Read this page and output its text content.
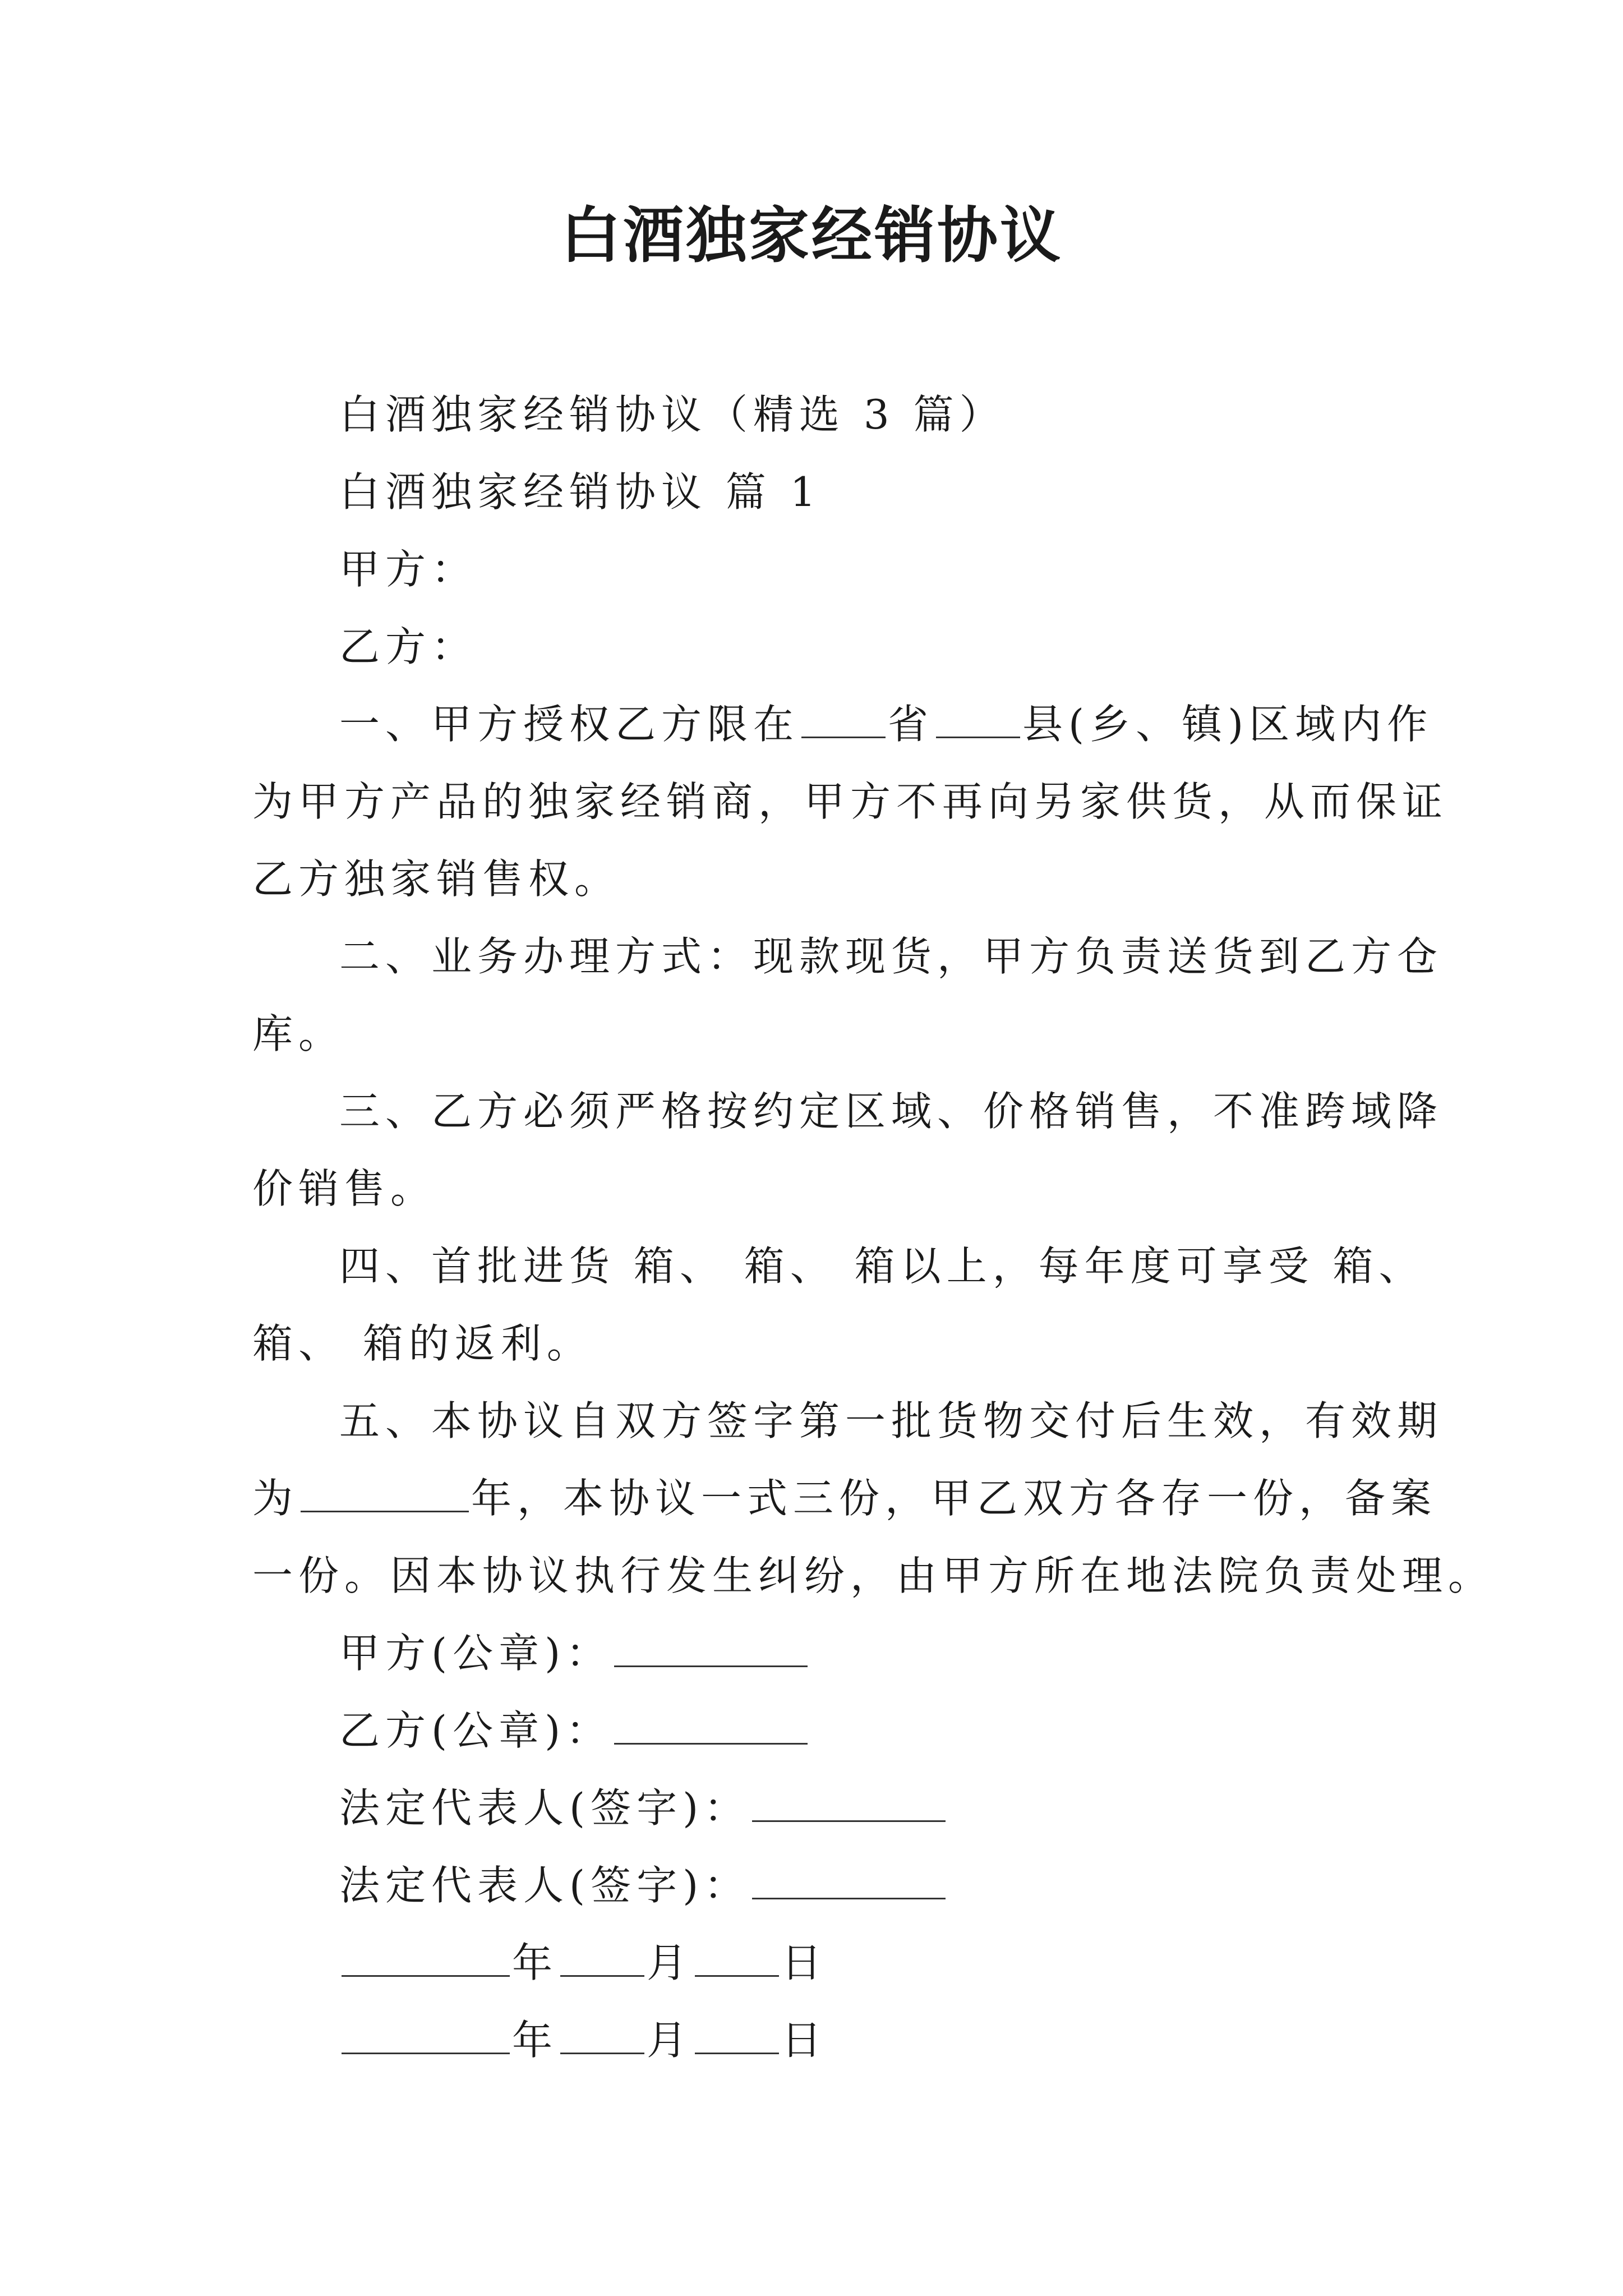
白酒独家经销协议
白酒独家经销协议（精选 3 篇）
白酒独家经销协议 篇 1
甲方：
乙方：
一、甲方授权乙方限在 省 县(乡、镇)区域内作
为甲方产品的独家经销商，甲方不再向另家供货，从而保证
乙方独家销售权。
二、业务办理方式：现款现货，甲方负责送货到乙方仓
库。
三、乙方必须严格按约定区域、价格销售，不准跨域降
价销售。
四、首批进货 箱、 箱、 箱以上，每年度可享受 箱、
箱、 箱的返利。
五、本协议自双方签字第一批货物交付后生效，有效期
为	年，本协议一式三份，甲乙双方各存一份，备案
一份。因本协议执行发生纠纷，由甲方所在地法院负责处理。
甲方(公章)：
乙方(公章)：
法定代表人(签字)：
法定代表人(签字)：
年 月 日
年 月 日
